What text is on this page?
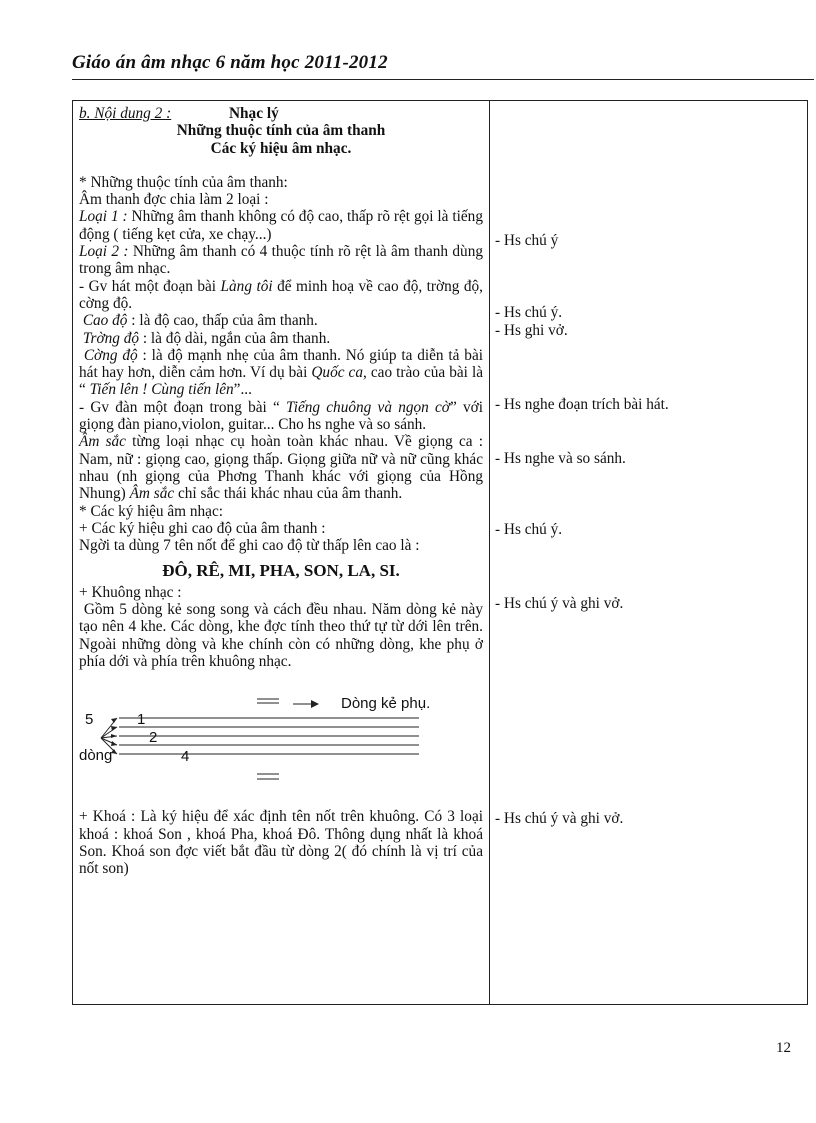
Giáo án âm nhạc 6 năm học 2011-2012
b. Nội dung 2 :	Nhạc lý

Những thuộc tính của âm thanh

Các ký hiệu âm nhạc.

* Những thuộc tính của âm thanh:

Âm thanh đợc chia làm 2 loại :

Loại 1 : Những âm thanh không có độ cao, thấp rõ rệt gọi là tiếng động ( tiếng kẹt cửa, xe chạy...)

Loại 2 : Những âm thanh có 4 thuộc tính rõ rệt là âm thanh dùng trong âm nhạc.

- Gv hát một đoạn bài Làng tôi để minh hoạ về cao độ, trờng độ, cờng độ.

Cao độ : là độ cao, thấp của âm thanh.

Trờng độ : là độ dài, ngắn của âm thanh.

Cờng độ : là độ mạnh nhẹ của âm thanh. Nó giúp ta diễn tả bài hát hay hơn, diễn cảm hơn. Ví dụ bài Quốc ca, cao trào của bài là “ Tiến lên ! Cùng tiến lên”...

- Gv đàn một đoạn trong bài “ Tiếng chuông và ngọn cờ” với giọng đàn piano,violon, guitar... Cho hs nghe và so sánh.

Âm sắc từng loại nhạc cụ hoàn toàn khác nhau. Về giọng ca : Nam, nữ : giọng cao, giọng thấp. Giọng giữa nữ và nữ cũng khác nhau (nh giọng của Phơng Thanh khác với giọng của Hồng Nhung) Âm sắc chỉ sắc thái khác nhau của âm thanh.

* Các ký hiệu âm nhạc:

+ Các ký hiệu ghi cao độ của âm thanh :

Ngời ta dùng 7 tên nốt để ghi cao độ từ thấp lên cao là :

ĐÔ, RÊ, MI, PHA, SON, LA, SI.

+ Khuông nhạc :

Gồm 5 dòng kẻ song song và cách đều nhau. Năm dòng kẻ này tạo nên 4 khe. Các dòng, khe đợc tính theo thứ tự từ dới lên trên. Ngoài những dòng và khe chính còn có những dòng, khe phụ ở phía dới và phía trên khuông nhạc.

Dòng kẻ phụ.
5
dòng
1
2
4

+ Khoá : Là ký hiệu để xác định tên nốt trên khuông. Có 3 loại khoá : khoá Son , khoá Pha, khoá Đô. Thông dụng nhất là khoá Son. Khoá son đợc viết bắt đầu từ dòng 2( đó chính là vị trí của nốt son)

- Hs chú ý
- Hs chú ý.
- Hs ghi vở.
- Hs nghe đoạn trích bài hát.
- Hs nghe và so sánh.
- Hs chú ý.
- Hs chú ý và ghi vở.
- Hs chú ý và ghi vở.
12
